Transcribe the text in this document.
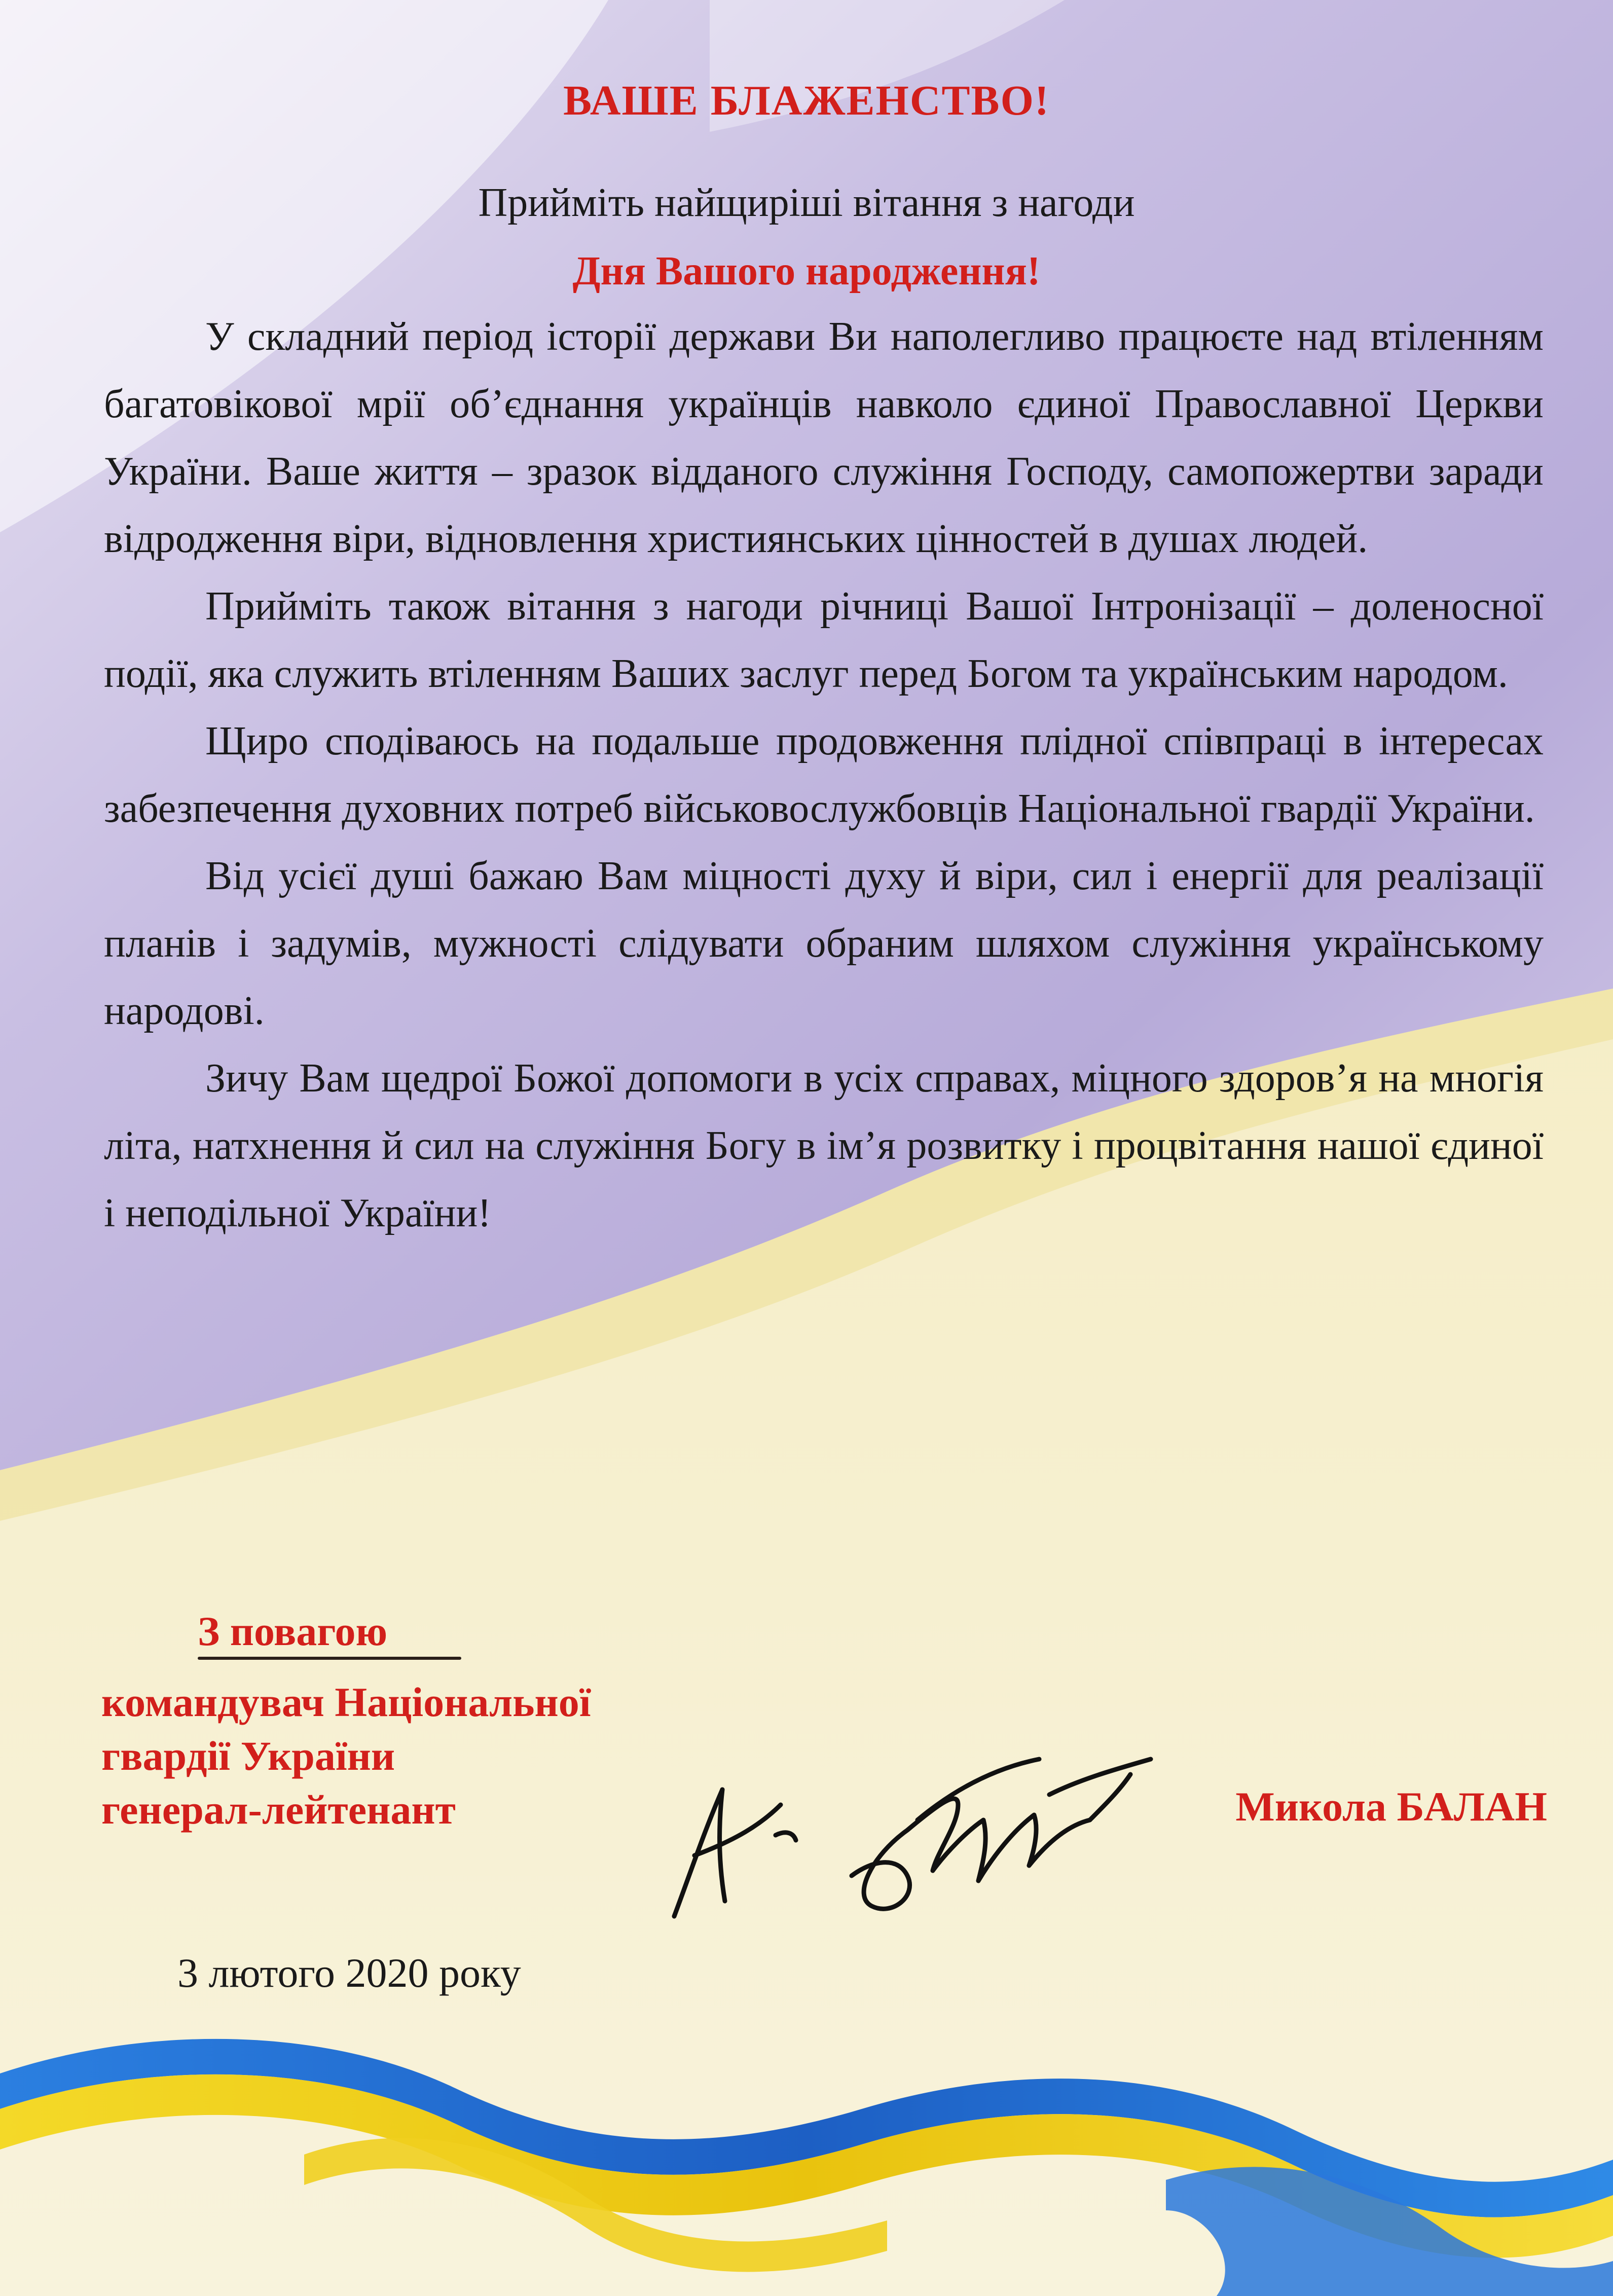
ВАШЕ БЛАЖЕНСТВО!
Прийміть найщиріші вітання з нагоди
Дня Вашого народження!

У складний період історії держави Ви наполегливо працюєте над втіленням багатовікової мрії об’єднання українців навколо єдиної Православної Церкви України. Ваше життя – зразок відданого служіння Господу, самопожертви заради відродження віри, відновлення християнських цінностей в душах людей.

Прийміть також вітання з нагоди річниці Вашої Інтронізації – доленосної події, яка служить втіленням Ваших заслуг перед Богом та українським народом.

Щиро сподіваюсь на подальше продовження плідної співпраці в інтересах забезпечення духовних потреб військовослужбовців Національної гвардії України.

Від усієї душі бажаю Вам міцності духу й віри, сил і енергії для реалізації планів і задумів, мужності слідувати обраним шляхом служіння українському народові.

Зичу Вам щедрої Божої допомоги в усіх справах, міцного здоров’я на многія літа, натхнення й сил на служіння Богу в ім’я розвитку і процвітання нашої єдиної і неподільної України!

З повагою
командувач Національної
гвардії України
генерал-лейтенант	Микола БАЛАН
3 лютого 2020 року
